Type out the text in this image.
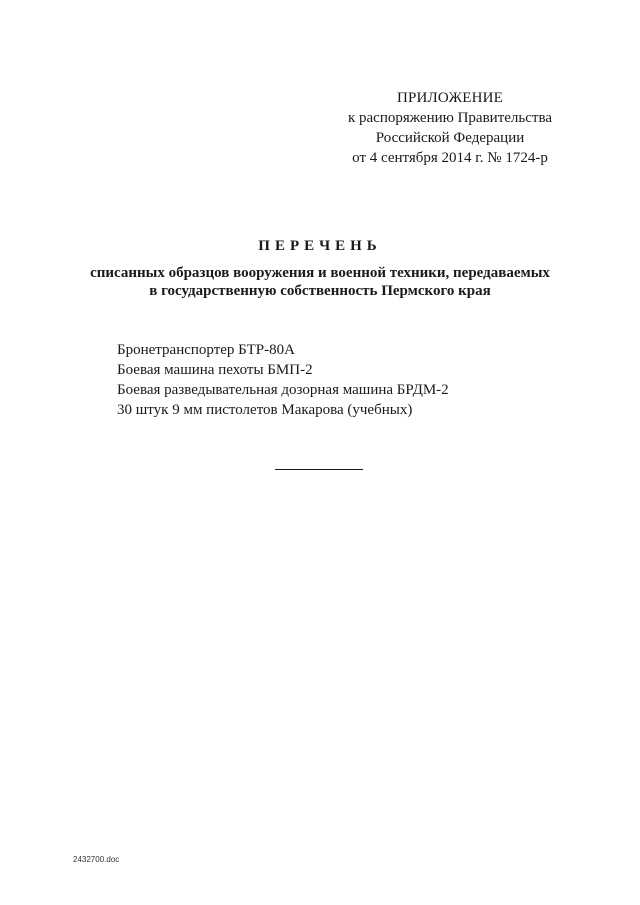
ПРИЛОЖЕНИЕ
к распоряжению Правительства
Российской Федерации
от 4 сентября 2014 г. № 1724-р
ПЕРЕЧЕНЬ
списанных образцов вооружения и военной техники, передаваемых
в государственную собственность Пермского края
Бронетранспортер БТР-80А
Боевая машина пехоты БМП-2
Боевая разведывательная дозорная машина БРДМ-2
30 штук 9 мм пистолетов Макарова (учебных)
2432700.doc
